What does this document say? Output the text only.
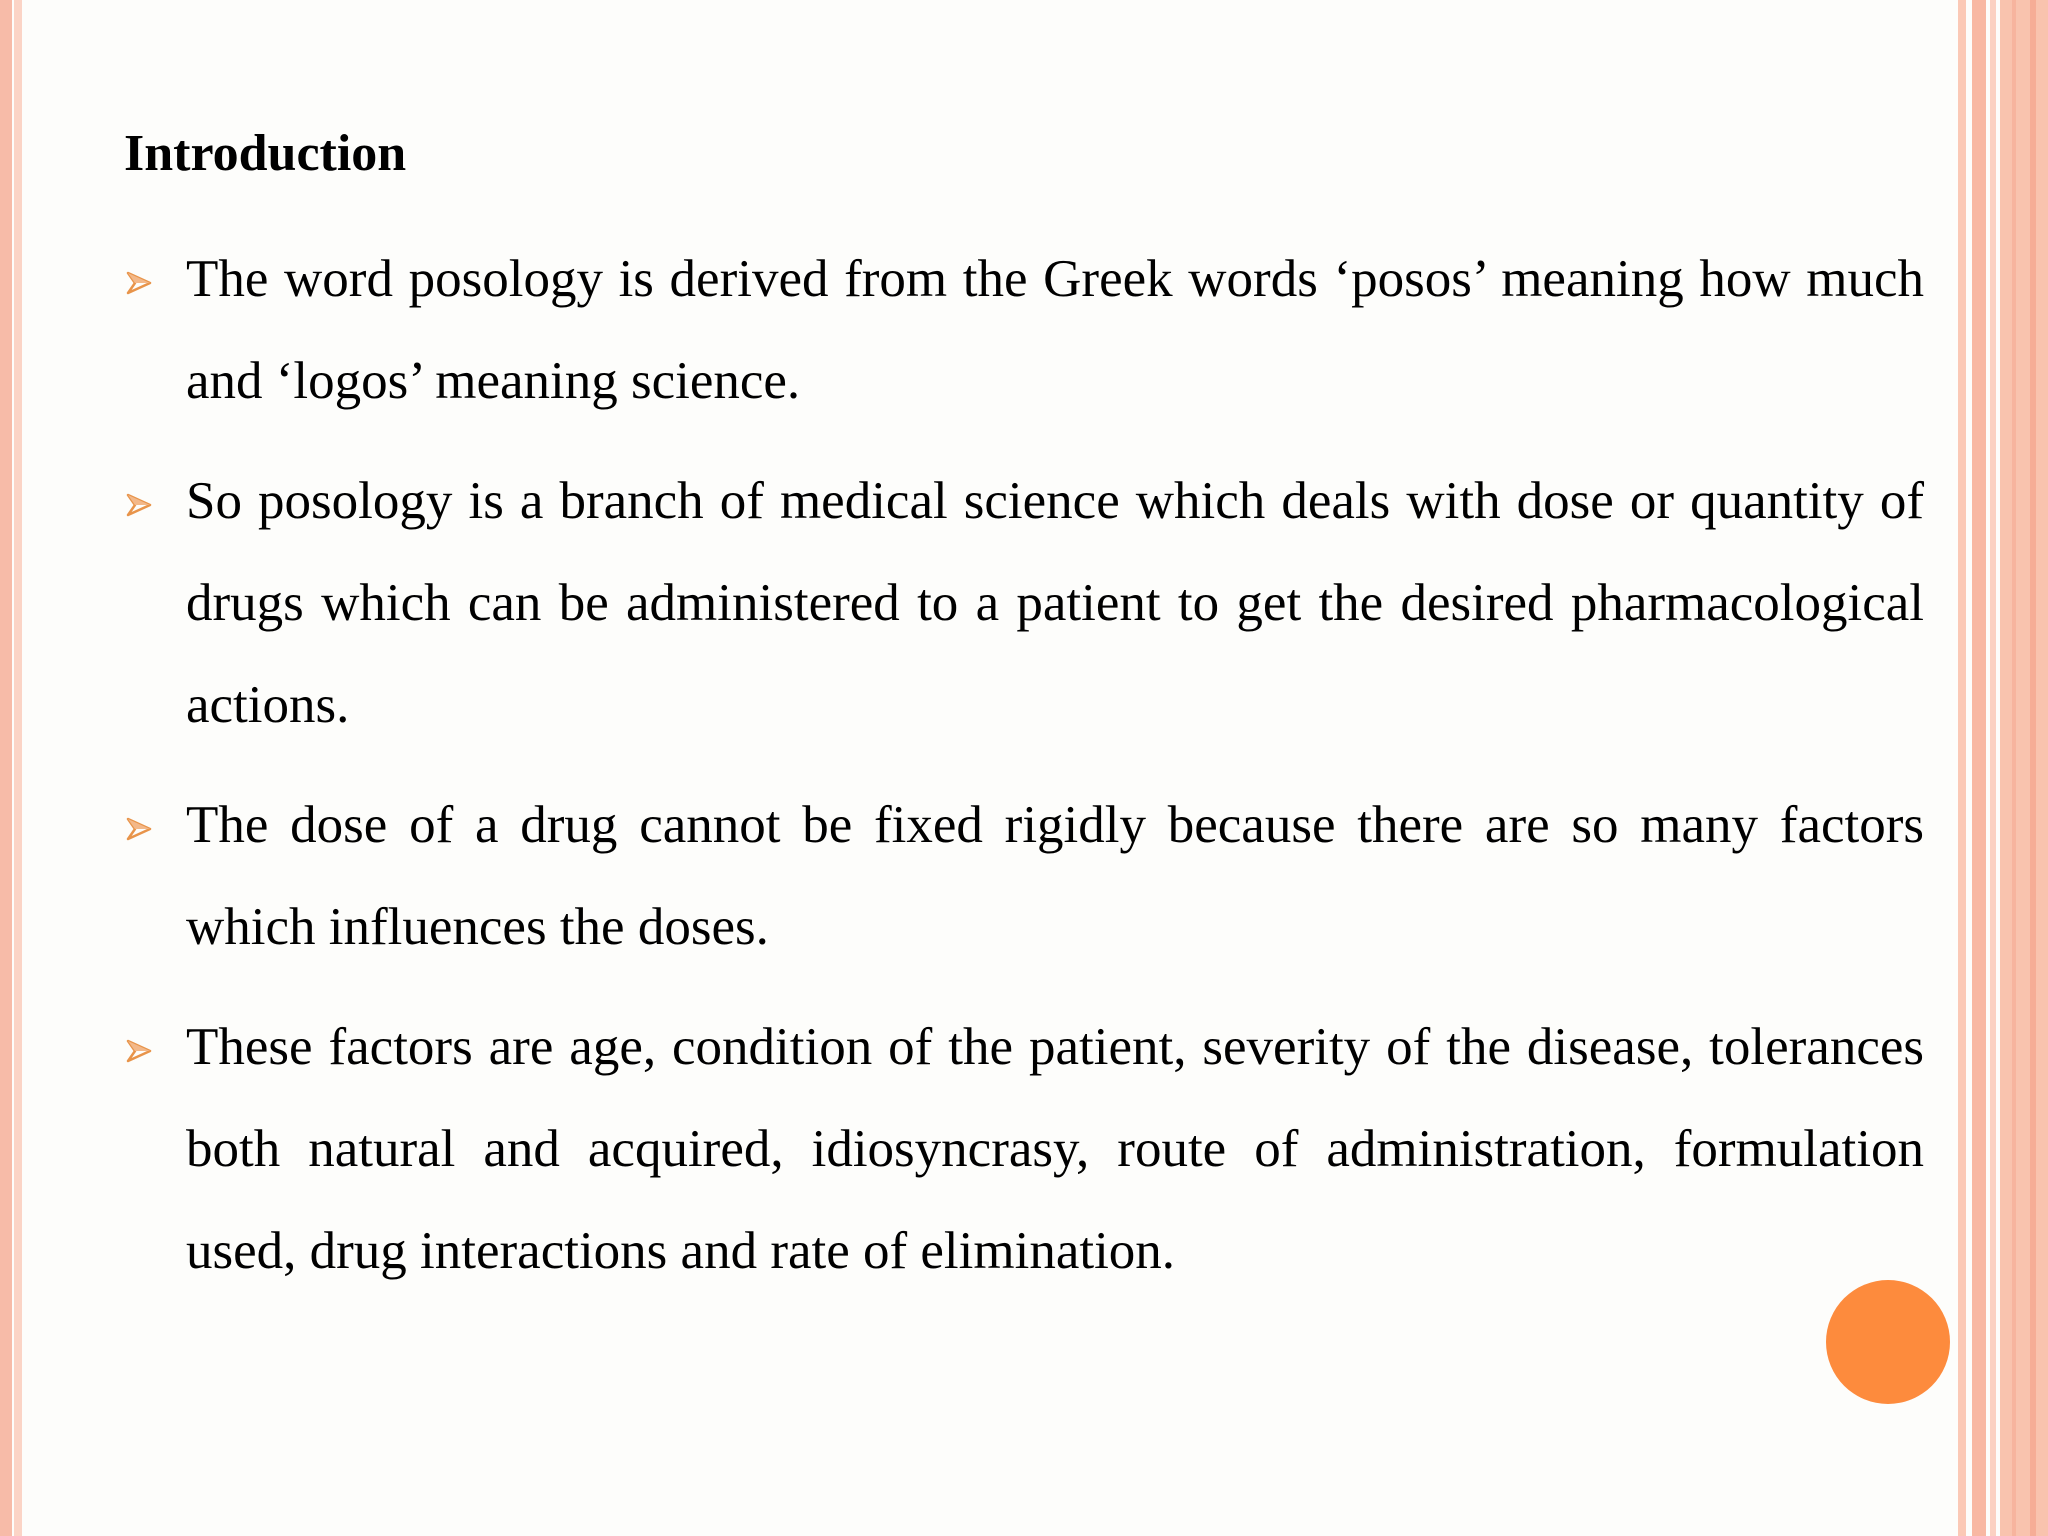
Introduction
The word posology is derived from the Greek words ‘posos’ meaning how much and ‘logos’ meaning science.
So posology is a branch of medical science which deals with dose or quantity of drugs which can be administered to a patient to get the desired pharmacological actions.
The dose of a drug cannot be fixed rigidly because there are so many factors which influences the doses.
These factors are age, condition of the patient, severity of the disease, tolerances both natural and acquired, idiosyncrasy, route of administration, formulation used, drug interactions and rate of elimination.
